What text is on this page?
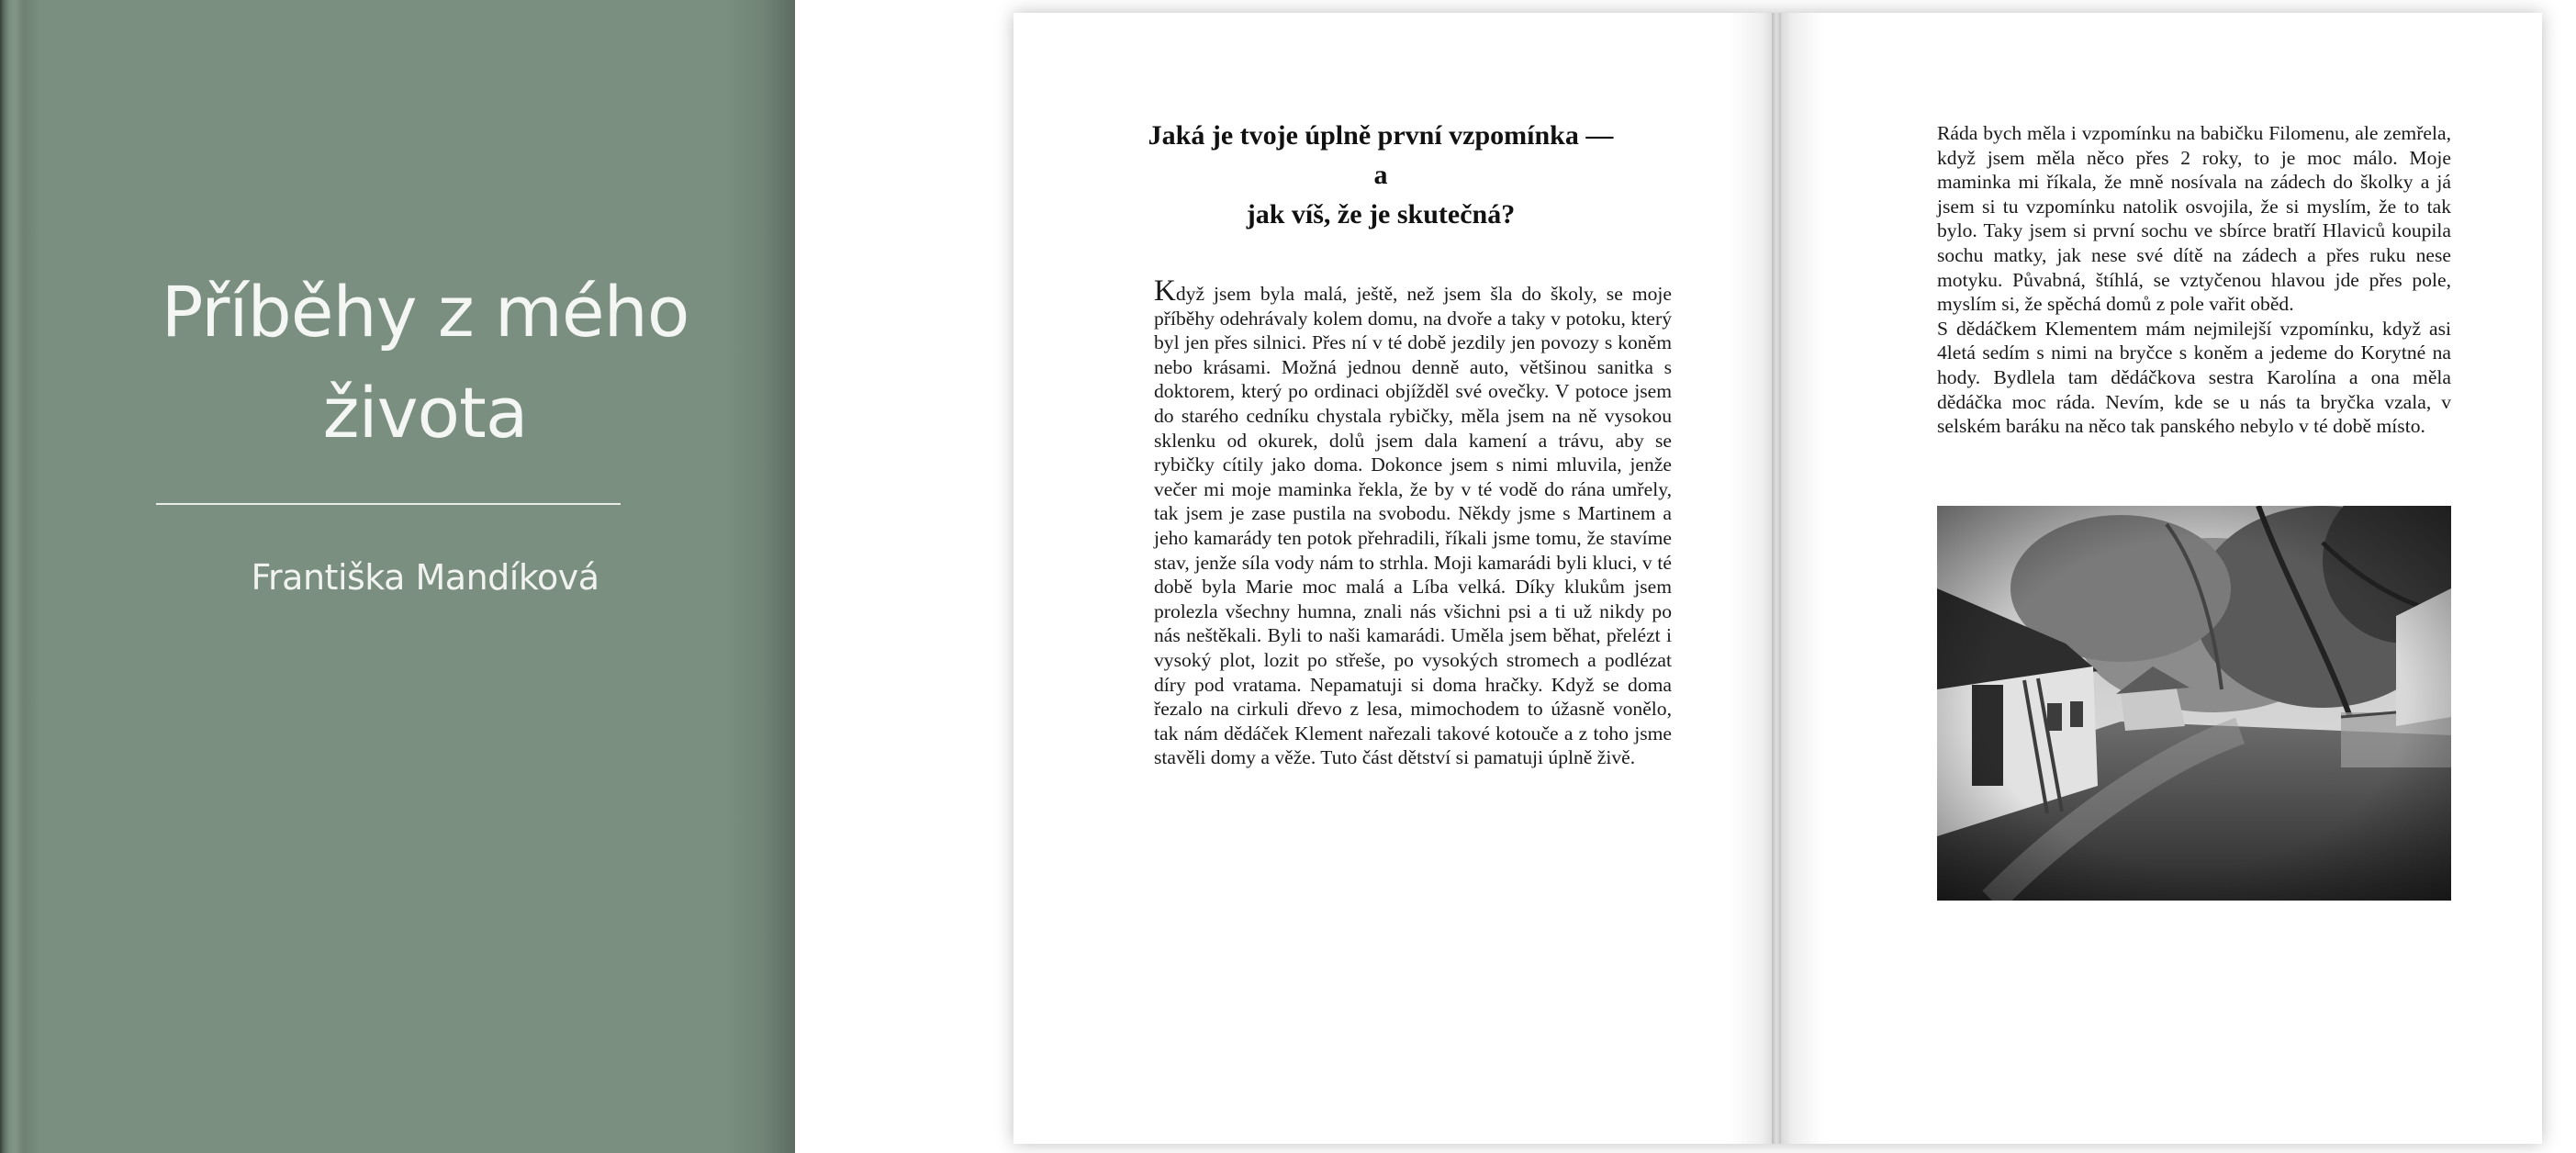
Příběhy z mého
života
Františka Mandíková
Jaká je tvoje úplně první vzpomínka — a
jak víš, že je skutečná?

Když jsem byla malá, ještě, než jsem šla do školy, se moje příběhy odehrávaly kolem domu, na dvoře a taky v potoku, který byl jen přes silnici. Přes ní v té době jezdily jen povozy s koněm nebo krásami. Možná jednou denně auto, většinou sanitka s doktorem, který po ordinaci objížděl své ovečky. V potoce jsem do starého cedníku chystala rybičky, měla jsem na ně vysokou sklenku od okurek, dolů jsem dala kamení a trávu, aby se rybičky cítily jako doma. Dokonce jsem s nimi mluvila, jenže večer mi moje maminka řekla, že by v té vodě do rána umřely, tak jsem je zase pustila na svobodu. Někdy jsme s Martinem a jeho kamarády ten potok přehradili, říkali jsme tomu, že stavíme stav, jenže síla vody nám to strhla. Moji kamarádi byli kluci, v té době byla Marie moc malá a Líba velká. Díky klukům jsem prolezla všechny humna, znali nás všichni psi a ti už nikdy po nás neštěkali. Byli to naši kamarádi. Uměla jsem běhat, přelézt i vysoký plot, lozit po střeše, po vysokých stromech a podlézat díry pod vratama. Nepamatuji si doma hračky. Když se doma řezalo na cirkuli dřevo z lesa, mimochodem to úžasně vonělo, tak nám dědáček Klement nařezali takové kotouče a z toho jsme stavěli domy a věže. Tuto část dětství si pamatuji úplně živě.

Ráda bych měla i vzpomínku na babičku Filomenu, ale zemřela, když jsem měla něco přes 2 roky, to je moc málo. Moje maminka mi říkala, že mně nosívala na zádech do školky a já jsem si tu vzpomínku natolik osvojila, že si myslím, že to tak bylo. Taky jsem si první sochu ve sbírce bratří Hlaviců koupila sochu matky, jak nese své dítě na zádech a přes ruku nese motyku. Půvabná, štíhlá, se vztyčenou hlavou jde přes pole, myslím si, že spěchá domů z pole vařit oběd.

S dědáčkem Klementem mám nejmilejší vzpomínku, když asi 4letá sedím s nimi na bryčce s koněm a jedeme do Korytné na hody. Bydlela tam dědáčkova sestra Karolína a ona měla dědáčka moc ráda. Nevím, kde se u nás ta bryčka vzala, v selském baráku na něco tak panského nebylo v té době místo.
